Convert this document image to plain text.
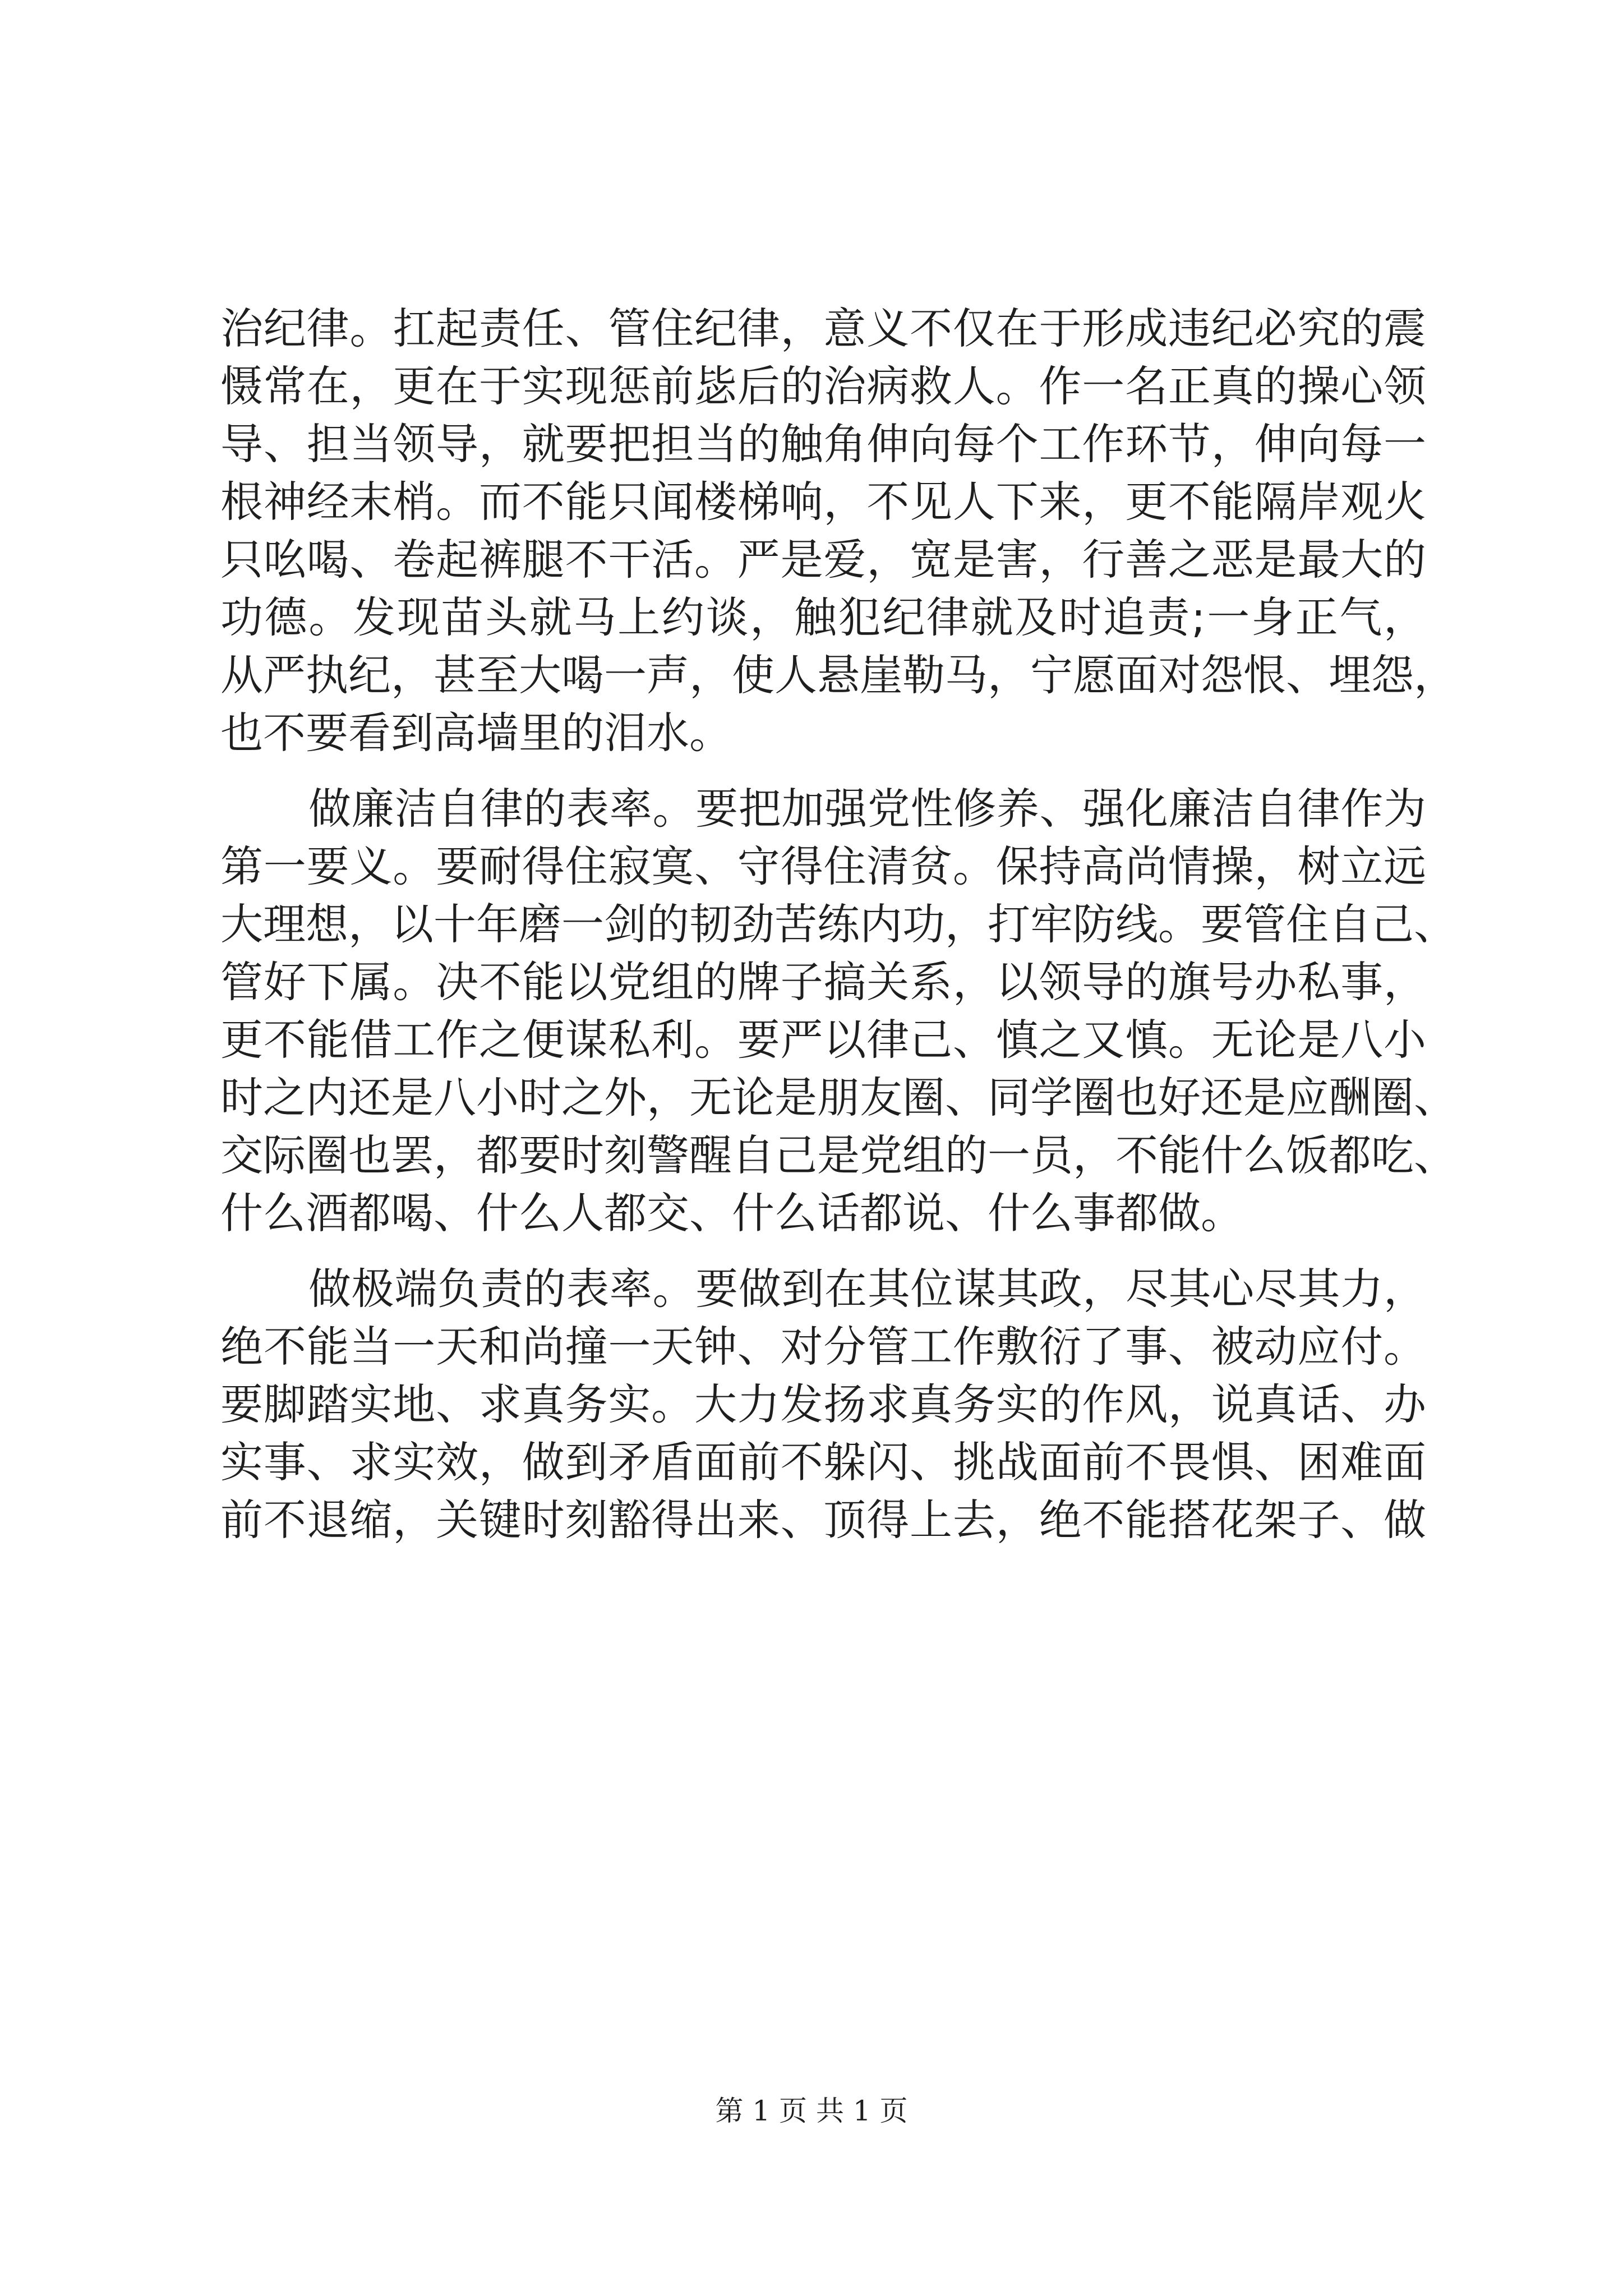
治纪律。扛起责任、管住纪律，意义不仅在于形成违纪必究的震
慑常在，更在于实现惩前毖后的治病救人。作一名正真的操心领
导、担当领导，就要把担当的触角伸向每个工作环节，伸向每一
根神经末梢。而不能只闻楼梯响，不见人下来，更不能隔岸观火
只吆喝、卷起裤腿不干活。严是爱，宽是害，行善之恶是最大的
功德。发现苗头就马上约谈，触犯纪律就及时追责;一身正气，
从严执纪，甚至大喝一声，使人悬崖勒马，宁愿面对怨恨、埋怨，
也不要看到高墙里的泪水。
做廉洁自律的表率。要把加强党性修养、强化廉洁自律作为
第一要义。要耐得住寂寞、守得住清贫。保持高尚情操，树立远
大理想，以十年磨一剑的韧劲苦练内功，打牢防线。要管住自己、
管好下属。决不能以党组的牌子搞关系，以领导的旗号办私事，
更不能借工作之便谋私利。要严以律己、慎之又慎。无论是八小
时之内还是八小时之外，无论是朋友圈、同学圈也好还是应酬圈、
交际圈也罢，都要时刻警醒自己是党组的一员，不能什么饭都吃、
什么酒都喝、什么人都交、什么话都说、什么事都做。
做极端负责的表率。要做到在其位谋其政，尽其心尽其力，
绝不能当一天和尚撞一天钟、对分管工作敷衍了事、被动应付。
要脚踏实地、求真务实。大力发扬求真务实的作风，说真话、办
实事、求实效，做到矛盾面前不躲闪、挑战面前不畏惧、困难面
前不退缩，关键时刻豁得出来、顶得上去，绝不能搭花架子、做
第 1 页 共 1 页
